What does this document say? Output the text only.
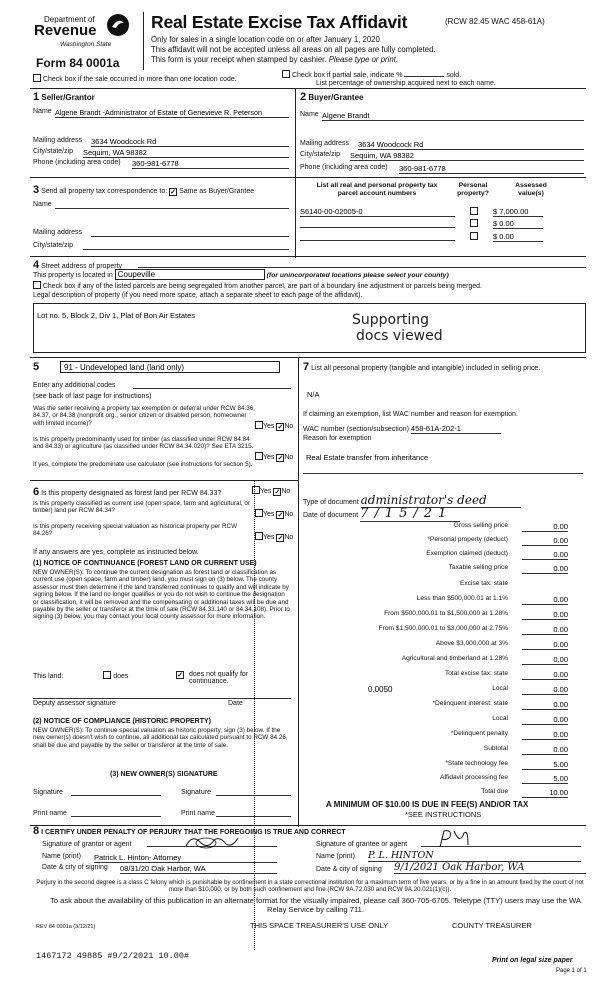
Department of
Revenue
Washington State
Form 84 0001a
Real Estate Excise Tax Affidavit	(RCW 82.45 WAC 458-61A)
Only for sales in a single location code on or after January 1, 2020
This affidavit will not be accepted unless all areas on all pages are fully completed.
This form is your receipt when stamped by cashier. Please type or print.
Check box if the sale occurred in more than one location code.
Check box if partial sale, indicate %	sold.
List percentage of ownership acquired next to each name.
1 Seller/Grantor
Name Algene Brandt -Administrator of Estate of Genevieve R. Peterson
Mailing address 3634 Woodcock Rd
City/state/zip Sequim, WA 98382
Phone (including area code) 360-981-6778
2 Buyer/Grantee
Name Algene Brandt
Mailing address 3634 Woodcock Rd
City/state/zip Sequim, WA 98382
Phone (including area code) 360-981-6778
3 Send all property tax correspondence to: ✓ Same as Buyer/Grantee
Name
Mailing address
City/state/zip
List all real and personal property tax parcel account numbers
Personal property?
Assessed value(s)
S6140-00-02005-0	$ 7,000.00
$ 0.00
$ 0.00
4 Street address of property
This property is located in Coupeville	(for unincorporated locations please select your county)
Check box if any of the listed parcels are being segregated from another parcel, are part of a boundary line adjustment or parcels being merged.
Legal description of property (if you need more space, attach a separate sheet to each page of the affidavit).
Lot no. 5, Block 2, Div 1, Plat of Bon Air Estates	Supporting
docs viewed
5	91 - Undeveloped land (land only)
Enter any additional codes
(see back of last page for instructions)
Was the seller receiving a property tax exemption or deferral under RCW 84.36, 84.37, or 84.38 (nonprofit org., senior citizen or disabled person, homeowner with limited income)?	Yes ✓ No
Is this property predominantly used for timber (as classified under RCW 84.84 and 84.33) or agriculture (as classified under RCW 84.34.020)? See ETA 3215.
Yes ✓ No
If yes, complete the predominate use calculator (see instructions for section 5).
6 Is this property designated as forest land per RCW 84.33?	Yes ✓ No
Is this property classified as current use (open space, farm and agricultural, or timber) land per RCW 84.34?
Yes ✓ No
Is this property receiving special valuation as historical property per RCW 84.26?
Yes ✓ No
If any answers are yes, complete as instructed below.
(1) NOTICE OF CONTINUANCE (FOREST LAND OR CURRENT USE)
NEW OWNER(S): To continue the current designation as forest land or classification as current use (open space, farm and timber) land, you must sign on (3) below. The county assessor must then determine if the land transferred continues to qualify and will indicate by signing below. If the land no longer qualifies or you do not wish to continue the designation or classification, it will be removed and the compensating or additional taxes will be due and payable by the seller or transferor at the time of sale (RCW 84.33.140 or 84.34.108). Prior to signing (3) below, you may contact your local county assessor for more information.
This land:	does ✓	does not qualify for continuance.
Deputy assessor signature	Date
(2) NOTICE OF COMPLIANCE (HISTORIC PROPERTY)
NEW OWNER(S): To continue special valuation as historic property, sign (3) below. If the new owner(s) doesn't wish to continue, all additional tax calculated pursuant to RCW 84.26, shall be due and payable by the seller or transferor at the time of sale.
(3) NEW OWNER(S) SIGNATURE
Signature	Signature
Print name	Print name
7 List all personal property (tangible and intangible) included in selling price.
N/A
If claiming an exemption, list WAC number and reason for exemption.
WAC number (section/subsection) 458-61A-202-1
Reason for exemption
Real Estate transfer from inheritance
Type of document administrator's deed
Date of document 7/15/21
Gross selling price	0.00
*Personal property (deduct)	0.00
Exemption claimed (deduct)	0.00
Taxable selling price	0.00
Excise tax: state
Less than $500,000.01 at 1.1%	0.00
From $500,000.01 to $1,500,000 at 1.28%	0.00
From $1,500,000.01 to $3,000,000 at 2.75%	0.00
Above $3,000,000 at 3%	0.00
Agricultural and timberland at 1.28%	0.00
Total excise tax: state	0.00
0.0050	Local	0.00
*Delinquent interest: state	0.00
Local	0.00
*Delinquent penalty	0.00
Subtotal	0.00
*State technology fee	5.00
Affidavit processing fee	5.00
Total due	10.00
A MINIMUM OF $10.00 IS DUE IN FEE(S) AND/OR TAX
*SEE INSTRUCTIONS
8 I CERTIFY UNDER PENALTY OF PERJURY THAT THE FOREGOING IS TRUE AND CORRECT
Signature of grantor or agent
Name (print) Patrick L. Hinton- Attorney
Date & city of signing 08/31/20 Oak Harbor, WA
Signature of grantee or agent
Name (print) P. L. HINTON
Date & city of signing 9/1/2021 Oak Harbor, WA
Perjury in the second degree is a class C felony which is punishable by confinement in a state correctional institution for a maximum term of five years, or by a fine in an amount fixed by the court of not more than $10,000, or by both such confinement and fine (RCW 9A.72.030 and RCW 9A.20.021(1)(c)).
To ask about the availability of this publication in an alternate format for the visually impaired, please call 360-705-6705. Teletype (TTY) users may use the WA Relay Service by calling 711.
REV 84 0001a (3/12/21)	THIS SPACE TREASURER'S USE ONLY	COUNTY TREASURER
1467172 49885 #9/2/2021 10.00#	Print on legal size paper
Page 1 of 1
